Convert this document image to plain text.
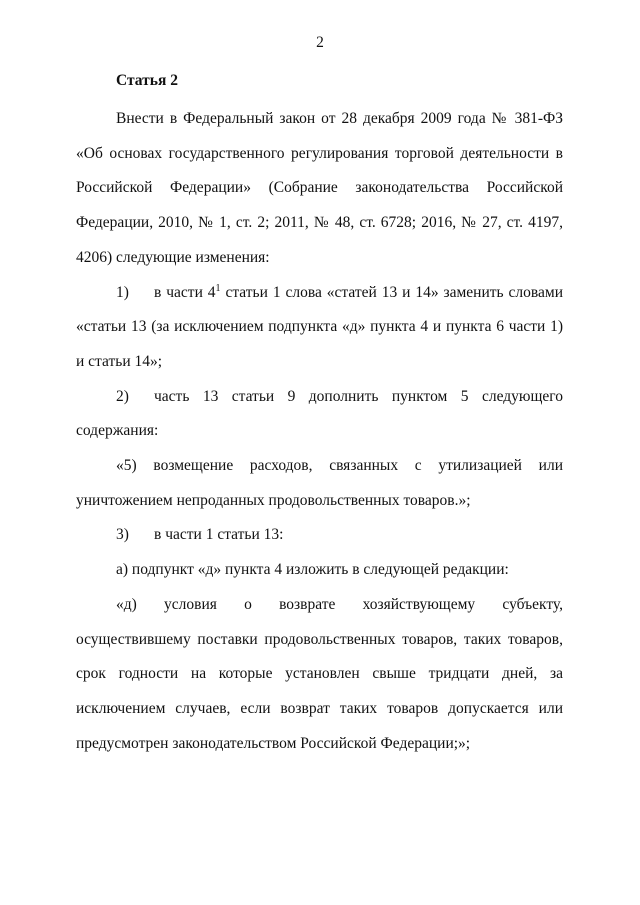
2
Статья 2

Внести в Федеральный закон от 28 декабря 2009 года № 381-ФЗ «Об основах государственного регулирования торговой деятельности в Российской Федерации» (Собрание законодательства Российской Федерации, 2010, № 1, ст. 2; 2011, № 48, ст. 6728; 2016, № 27, ст. 4197, 4206) следующие изменения:

1) в части $4^1$ статьи 1 слова «статей 13 и 14» заменить словами «статьи 13 (за исключением подпункта «д» пункта 4 и пункта 6 части 1) и статьи 14»;

2) часть 13 статьи 9 дополнить пунктом 5 следующего содержания:

«5) возмещение расходов, связанных с утилизацией или уничтожением непроданных продовольственных товаров.»;

3) в части 1 статьи 13:

а) подпункт «д» пункта 4 изложить в следующей редакции:

«д) условия о возврате хозяйствующему субъекту, осуществившему поставки продовольственных товаров, таких товаров, срок годности на которые установлен свыше тридцати дней, за исключением случаев, если возврат таких товаров допускается или предусмотрен законодательством Российской Федерации;»;
